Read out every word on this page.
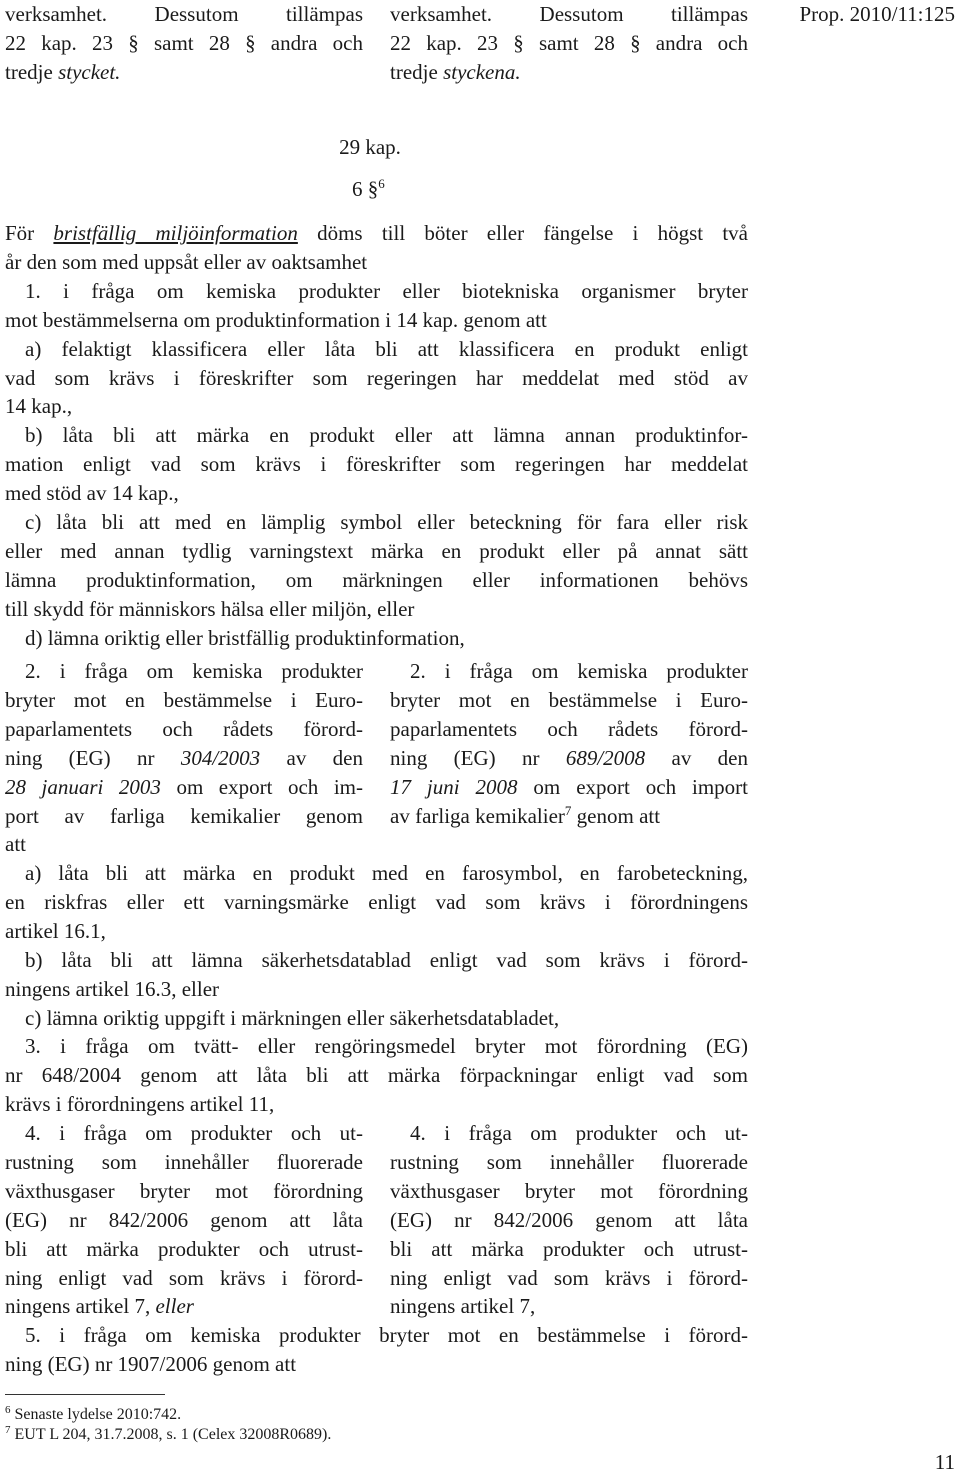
verksamhet. Dessutom tillämpas
22 kap. 23 § samt 28 § andra och
tredje stycket.
verksamhet. Dessutom tillämpas
22 kap. 23 § samt 28 § andra och
tredje styckena.
Prop. 2010/11:125
29 kap.
6 §$^6$
För bristfällig miljöinformation döms till böter eller fängelse i högst två
år den som med uppsåt eller av oaktsamhet
1. i fråga om kemiska produkter eller biotekniska organismer bryter
mot bestämmelserna om produktinformation i 14 kap. genom att
a) felaktigt klassificera eller låta bli att klassificera en produkt enligt
vad som krävs i föreskrifter som regeringen har meddelat med stöd av
14 kap.,
b) låta bli att märka en produkt eller att lämna annan produktinfor-
mation enligt vad som krävs i föreskrifter som regeringen har meddelat
med stöd av 14 kap.,
c) låta bli att med en lämplig symbol eller beteckning för fara eller risk
eller med annan tydlig varningstext märka en produkt eller på annat sätt
lämna produktinformation, om märkningen eller informationen behövs
till skydd för människors hälsa eller miljön, eller
d) lämna oriktig eller bristfällig produktinformation,
2. i fråga om kemiska produkter
bryter mot en bestämmelse i Euro-
paparlamentets och rådets förord-
ning (EG) nr 304/2003 av den
28 januari 2003 om export och im-
port av farliga kemikalier genom
att
2. i fråga om kemiska produkter
bryter mot en bestämmelse i Euro-
paparlamentets och rådets förord-
ning (EG) nr 689/2008 av den
17 juni 2008 om export och import
av farliga kemikalier$^7$ genom att
a) låta bli att märka en produkt med en farosymbol, en farobeteckning,
en riskfras eller ett varningsmärke enligt vad som krävs i förordningens
artikel 16.1,
b) låta bli att lämna säkerhetsdatablad enligt vad som krävs i förord-
ningens artikel 16.3, eller
c) lämna oriktig uppgift i märkningen eller säkerhetsdatabladet,
3. i fråga om tvätt- eller rengöringsmedel bryter mot förordning (EG)
nr 648/2004 genom att låta bli att märka förpackningar enligt vad som
krävs i förordningens artikel 11,
4. i fråga om produkter och ut-
rustning som innehåller fluorerade
växthusgaser bryter mot förordning
(EG) nr 842/2006 genom att låta
bli att märka produkter och utrust-
ning enligt vad som krävs i förord-
ningens artikel 7, eller
4. i fråga om produkter och ut-
rustning som innehåller fluorerade
växthusgaser bryter mot förordning
(EG) nr 842/2006 genom att låta
bli att märka produkter och utrust-
ning enligt vad som krävs i förord-
ningens artikel 7,
5. i fråga om kemiska produkter bryter mot en bestämmelse i förord-
ning (EG) nr 1907/2006 genom att
$^6$ Senaste lydelse 2010:742.
$^7$ EUT L 204, 31.7.2008, s. 1 (Celex 32008R0689).
11
